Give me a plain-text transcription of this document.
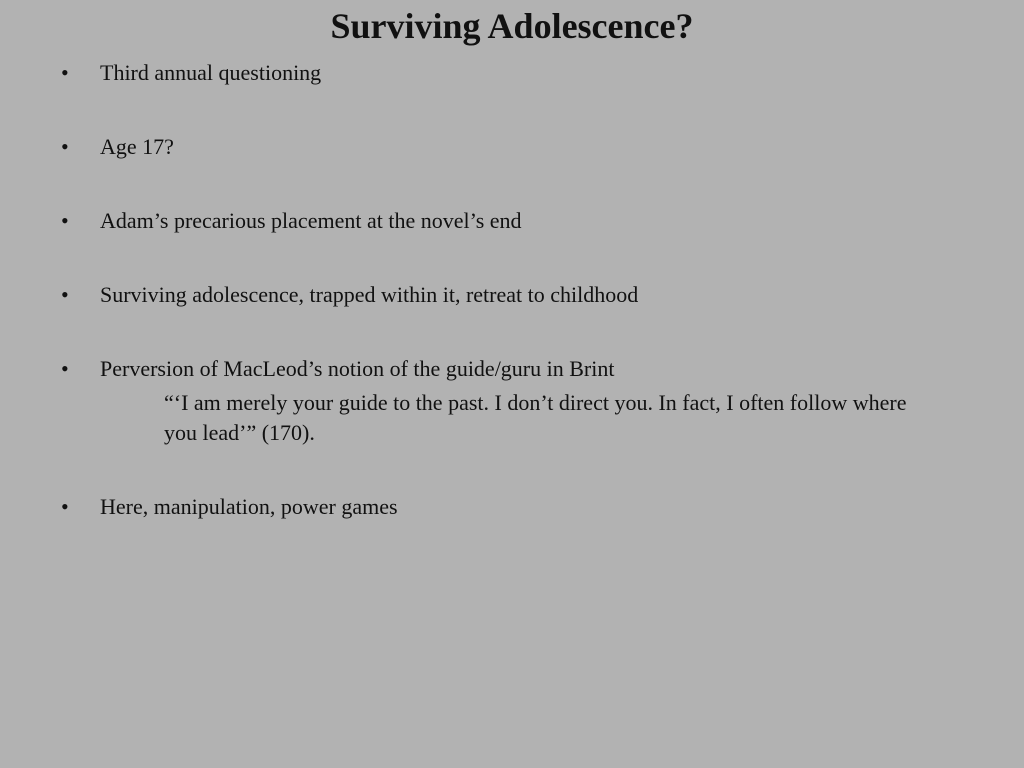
Surviving Adolescence?
• Third annual questioning
• Age 17?
• Adam’s precarious placement at the novel’s end
• Surviving adolescence, trapped within it, retreat to childhood
• Perversion of MacLeod’s notion of the guide/guru in Brint
“‘I am merely your guide to the past. I don’t direct you. In fact, I often follow where you lead’” (170).
• Here, manipulation, power games
